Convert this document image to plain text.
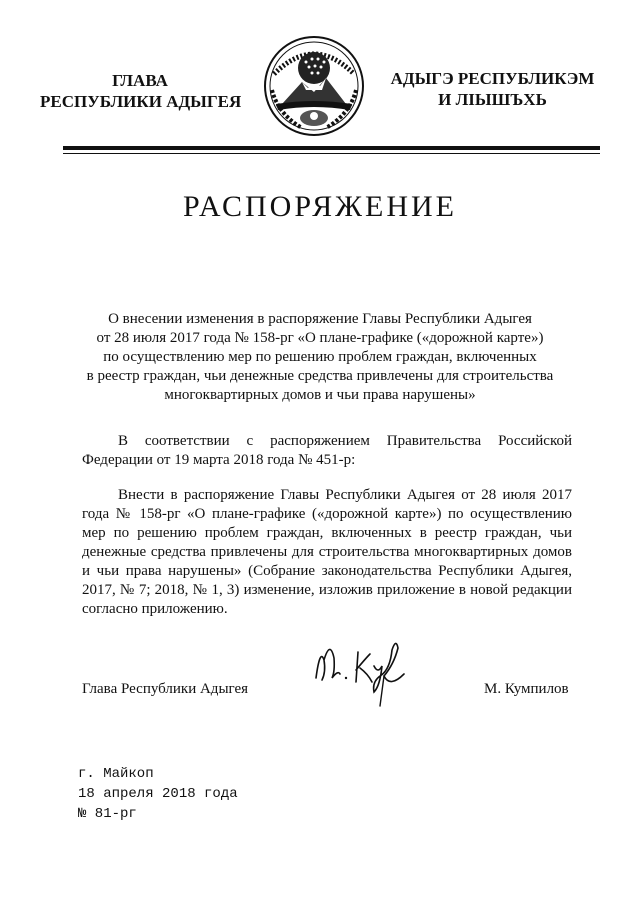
ГЛАВА
РЕСПУБЛИКИ АДЫГЕЯ
АДЫГЭ РЕСПУБЛИКЭМ
И ЛІЫШЪХЬ
РАСПОРЯЖЕНИЕ
О внесении изменения в распоряжение Главы Республики Адыгея
от 28 июля 2017 года № 158-рг «О плане-графике («дорожной карте»)
по осуществлению мер по решению проблем граждан, включенных
в реестр граждан, чьи денежные средства привлечены для строительства
многоквартирных домов и чьи права нарушены»
В соответствии с распоряжением Правительства Российской Федерации от 19 марта 2018 года № 451-р:
Внести в распоряжение Главы Республики Адыгея от 28 июля 2017 года № 158-рг «О плане-графике («дорожной карте») по осуществлению мер по решению проблем граждан, включенных в реестр граждан, чьи денежные средства привлечены для строительства многоквартирных домов и чьи права нарушены» (Собрание законодательства Республики Адыгея, 2017, № 7; 2018, № 1, 3) изменение, изложив приложение в новой редакции согласно приложению.
Глава Республики Адыгея	М. Кумпилов
г. Майкоп
18 апреля 2018 года
№ 81-рг
